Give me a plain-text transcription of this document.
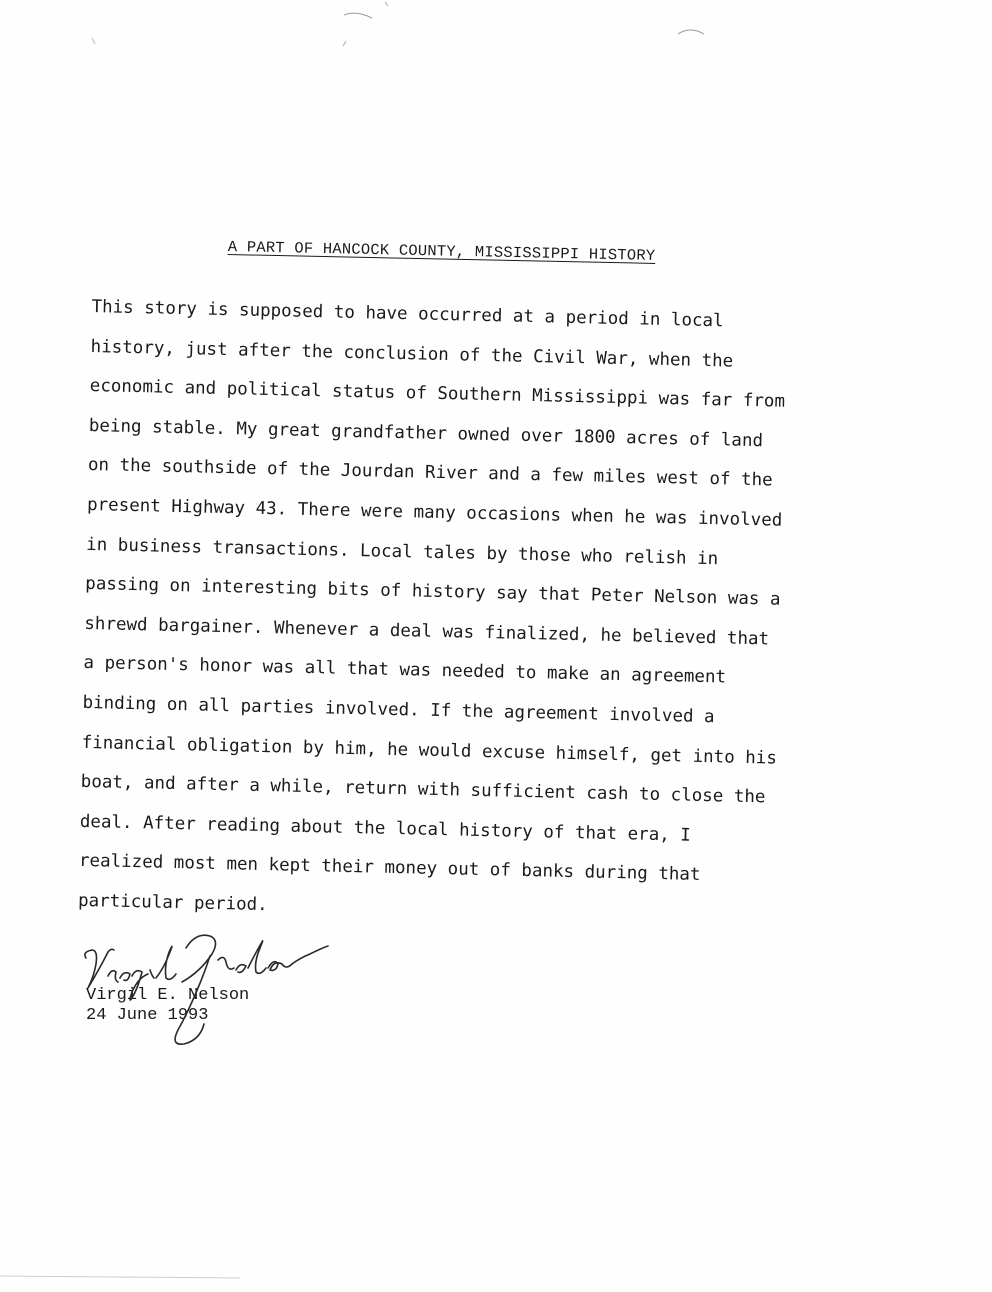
A PART OF HANCOCK COUNTY, MISSISSIPPI HISTORY
This story is supposed to have occurred at a period in local
history, just after the conclusion of the Civil War, when the
economic and political status of Southern Mississippi was far from
being stable. My great grandfather owned over 1800 acres of land
on the southside of the Jourdan River and a few miles west of the
present Highway 43. There were many occasions when he was involved
in business transactions. Local tales by those who relish in
passing on interesting bits of history say that Peter Nelson was a
shrewd bargainer. Whenever a deal was finalized, he believed that
a person's honor was all that was needed to make an agreement
binding on all parties involved. If the agreement involved a
financial obligation by him, he would excuse himself, get into his
boat, and after a while, return with sufficient cash to close the
deal. After reading about the local history of that era, I
realized most men kept their money out of banks during that
particular period.
Virgil E. Nelson
24 June 1993
